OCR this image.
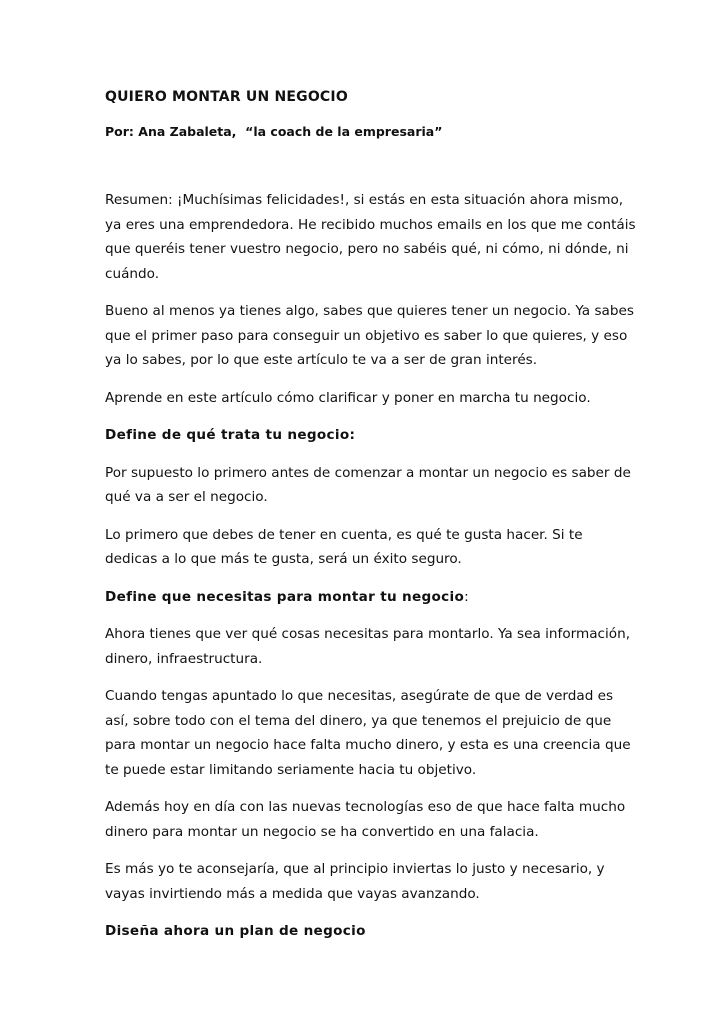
QUIERO MONTAR UN NEGOCIO

Por: Ana Zabaleta,  “la coach de la empresaria”

Resumen: ¡Muchísimas felicidades!, si estás en esta situación ahora mismo, ya eres una emprendedora. He recibido muchos emails en los que me contáis que queréis tener vuestro negocio, pero no sabéis qué, ni cómo, ni dónde, ni cuándo.

Bueno al menos ya tienes algo, sabes que quieres tener un negocio. Ya sabes que el primer paso para conseguir un objetivo es saber lo que quieres, y eso ya lo sabes, por lo que este artículo te va a ser de gran interés.

Aprende en este artículo cómo clarificar y poner en marcha tu negocio.

Define de qué trata tu negocio:

Por supuesto lo primero antes de comenzar a montar un negocio es saber de qué va a ser el negocio.

Lo primero que debes de tener en cuenta, es qué te gusta hacer. Si te dedicas a lo que más te gusta, será un éxito seguro.

Define que necesitas para montar tu negocio:

Ahora tienes que ver qué cosas necesitas para montarlo. Ya sea información, dinero, infraestructura.

Cuando tengas apuntado lo que necesitas, asegúrate de que de verdad es así, sobre todo con el tema del dinero, ya que tenemos el prejuicio de que para montar un negocio hace falta mucho dinero, y esta es una creencia que te puede estar limitando seriamente hacia tu objetivo.

Además hoy en día con las nuevas tecnologías eso de que hace falta mucho dinero para montar un negocio se ha convertido en una falacia.

Es más yo te aconsejaría, que al principio inviertas lo justo y necesario, y vayas invirtiendo más a medida que vayas avanzando.

Diseña ahora un plan de negocio
